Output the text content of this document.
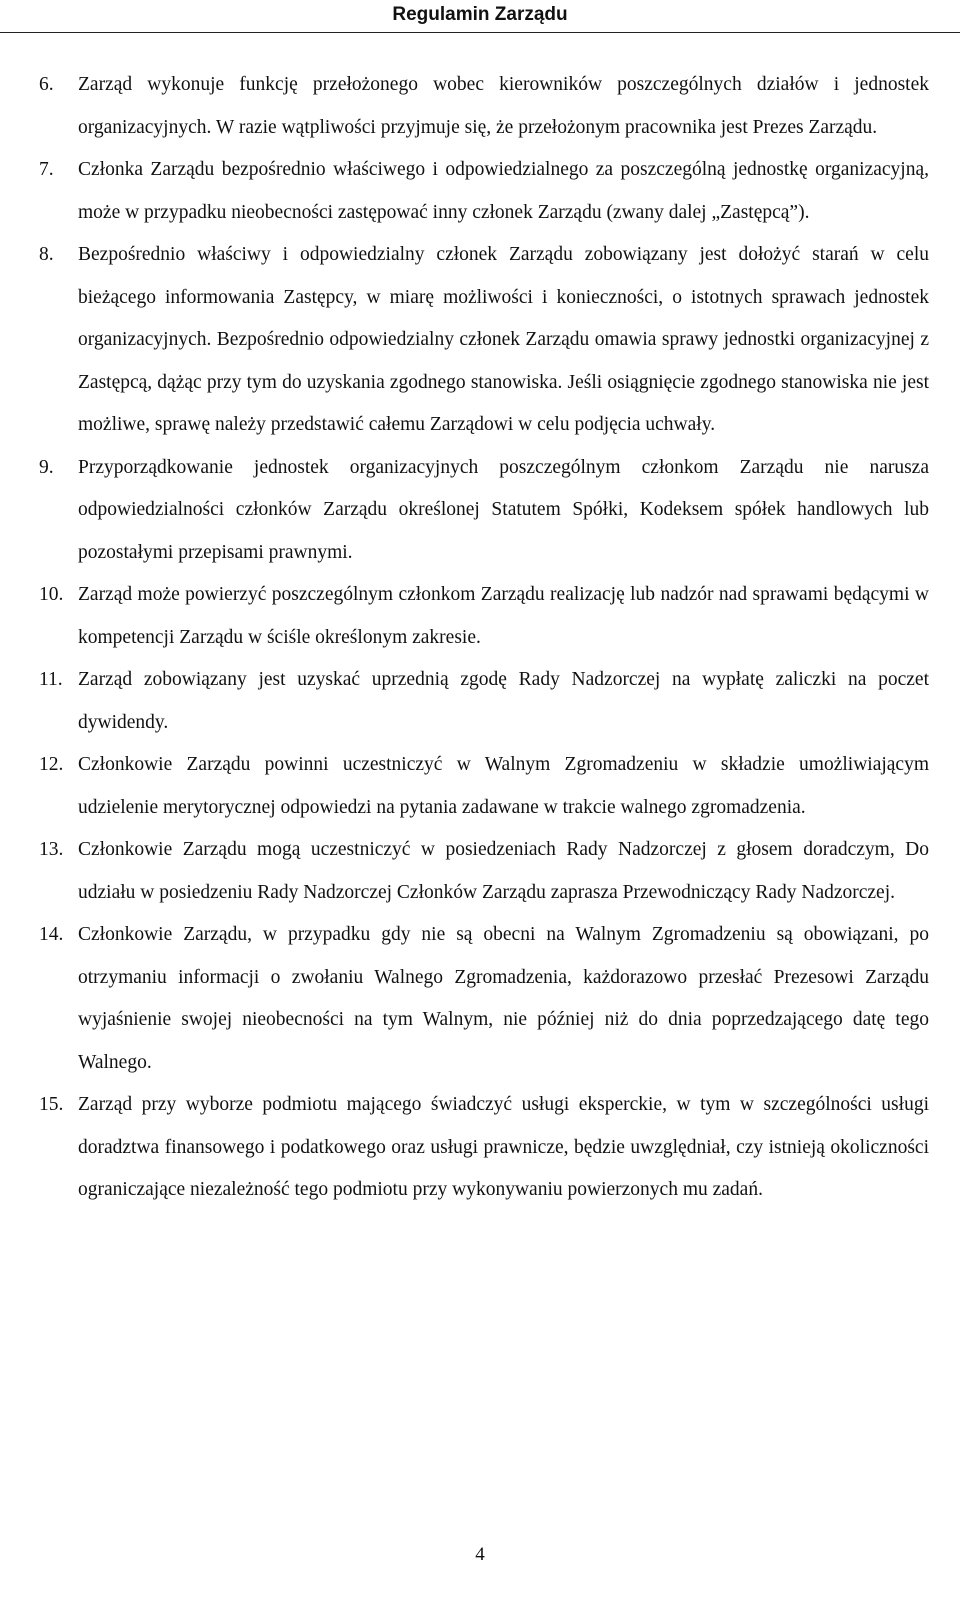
Regulamin Zarządu
6.	Zarząd wykonuje funkcję przełożonego wobec kierowników poszczególnych działów i jednostek organizacyjnych. W razie wątpliwości przyjmuje się, że przełożonym pracownika jest Prezes Zarządu.
7.	Członka Zarządu bezpośrednio właściwego i odpowiedzialnego za poszczególną jednostkę organizacyjną, może w przypadku nieobecności zastępować inny członek Zarządu (zwany dalej „Zastępcą”).
8.	Bezpośrednio właściwy i odpowiedzialny członek Zarządu zobowiązany jest dołożyć starań w celu bieżącego informowania Zastępcy, w miarę możliwości i konieczności, o istotnych sprawach jednostek organizacyjnych. Bezpośrednio odpowiedzialny członek Zarządu omawia sprawy jednostki organizacyjnej z Zastępcą, dążąc przy tym do uzyskania zgodnego stanowiska. Jeśli osiągnięcie zgodnego stanowiska nie jest możliwe, sprawę należy przedstawić całemu Zarządowi w celu podjęcia uchwały.
9.	Przyporządkowanie jednostek organizacyjnych poszczególnym członkom Zarządu nie narusza odpowiedzialności członków Zarządu określonej Statutem Spółki, Kodeksem spółek handlowych lub pozostałymi przepisami prawnymi.
10. Zarząd może powierzyć poszczególnym członkom Zarządu realizację lub nadzór nad sprawami będącymi w kompetencji Zarządu w ściśle określonym zakresie.
11. Zarząd zobowiązany jest uzyskać uprzednią zgodę Rady Nadzorczej na wypłatę zaliczki na poczet dywidendy.
12. Członkowie Zarządu powinni uczestniczyć w Walnym Zgromadzeniu w składzie umożliwiającym udzielenie merytorycznej odpowiedzi na pytania zadawane w trakcie walnego zgromadzenia.
13. Członkowie Zarządu mogą uczestniczyć w posiedzeniach Rady Nadzorczej z głosem doradczym, Do udziału w posiedzeniu Rady Nadzorczej Członków Zarządu zaprasza Przewodniczący Rady Nadzorczej.
14. Członkowie Zarządu, w przypadku gdy nie są obecni na Walnym Zgromadzeniu są obowiązani, po otrzymaniu informacji o zwołaniu Walnego Zgromadzenia, każdorazowo przesłać Prezesowi Zarządu wyjaśnienie swojej nieobecności na tym Walnym, nie później niż do dnia poprzedzającego datę tego Walnego.
15. Zarząd przy wyborze podmiotu mającego świadczyć usługi eksperckie, w tym w szczególności usługi doradztwa finansowego i podatkowego oraz usługi prawnicze, będzie uwzględniał, czy istnieją okoliczności ograniczające niezależność tego podmiotu przy wykonywaniu powierzonych mu zadań.
4
